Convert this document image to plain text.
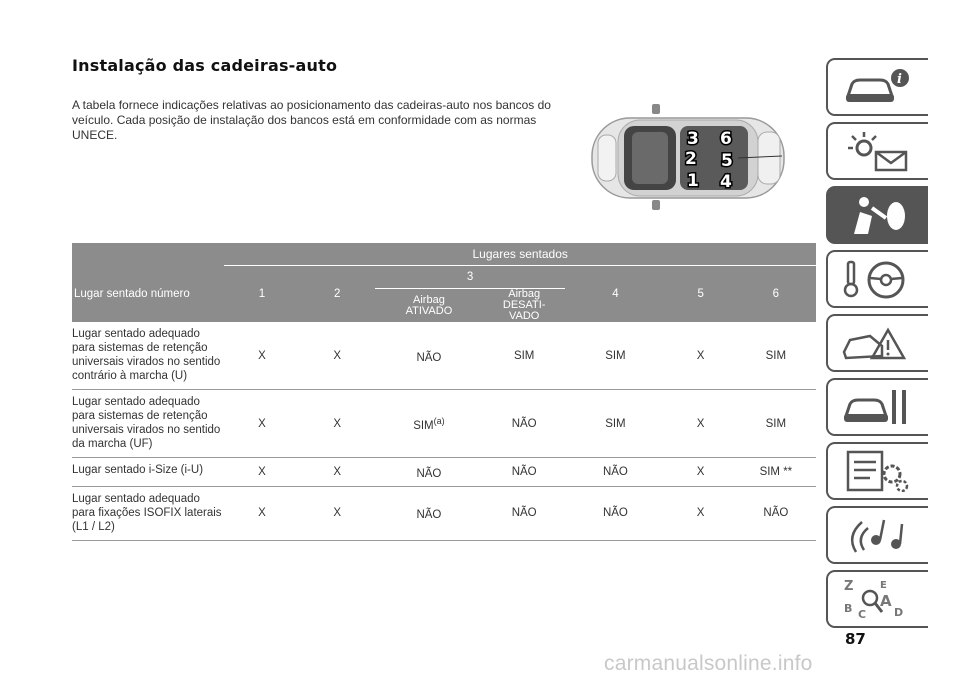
Instalação das cadeiras-auto
A tabela fornece indicações relativas ao posicionamento das cadeiras-auto nos bancos do veículo. Cada posição de instalação dos bancos está em conformidade com as normas UNECE.	3
2
1
6
5
4
	Lugares sentados						
Lugar sentado número	1	2	3		4	5	6
			Airbag ATIVADO	Airbag DESATI-VADO			
Lugar sentado adequado para sistemas de retenção universais virados no sentido contrário à marcha (U)	X	X	NÃO	SIM	SIM	X	SIM
Lugar sentado adequado para sistemas de retenção universais virados no sentido da marcha (UF)	X	X	SIM$^{(a)}$	NÃO	SIM	X	SIM
Lugar sentado i-Size (i-U)	X	X	NÃO	NÃO	NÃO	X	SIM **
Lugar sentado adequado para fixações ISOFIX laterais (L1 / L2)	X	X	NÃO	NÃO	NÃO	X	NÃO
i
Z
B C
E
A
D
87
carmanualsonline.info
